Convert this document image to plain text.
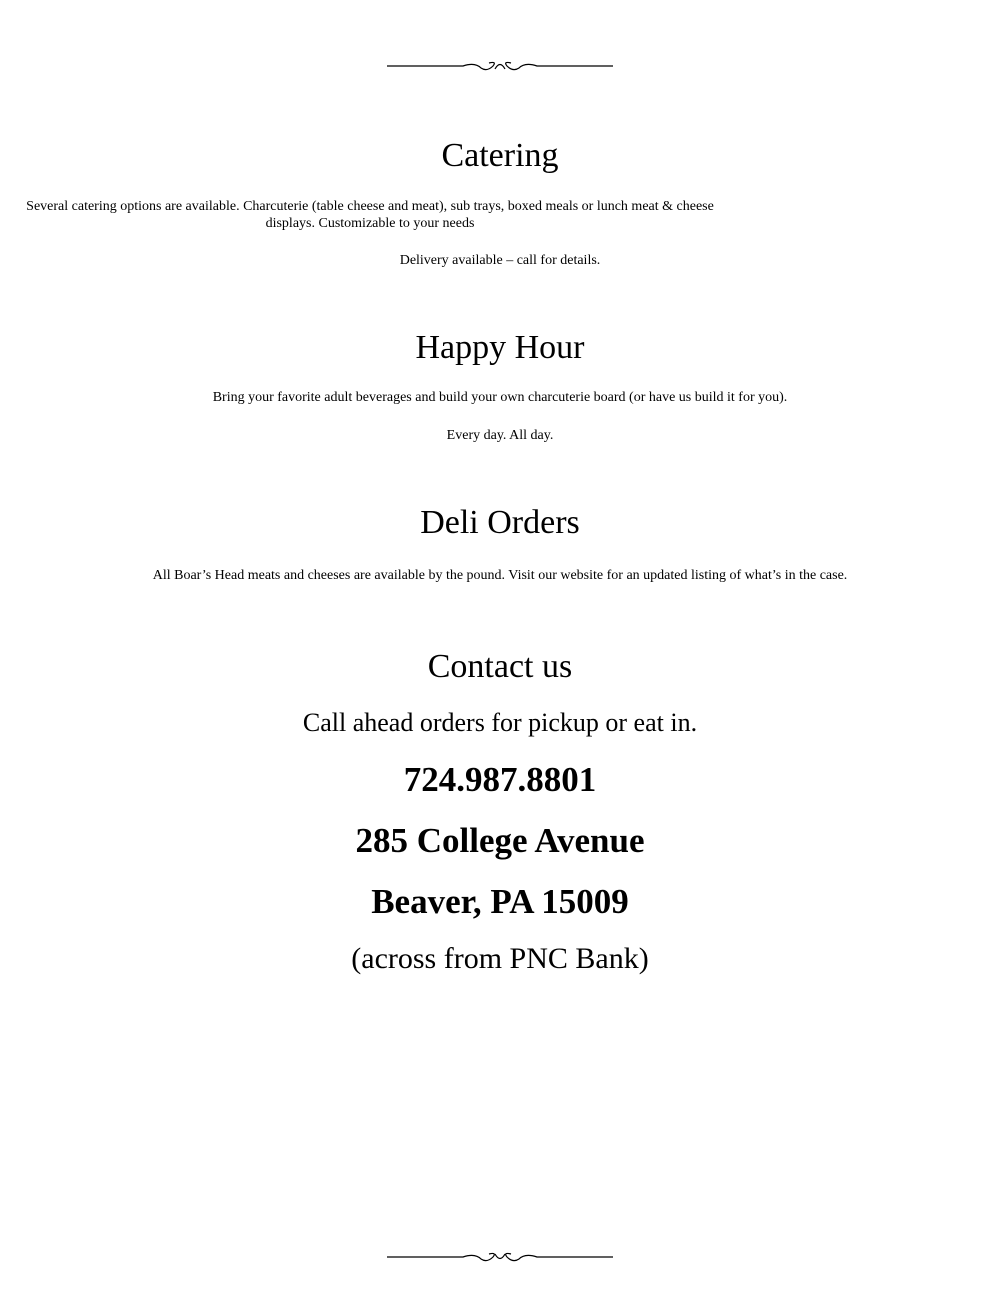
Catering

Several catering options are available. Charcuterie (table cheese and meat), sub trays, boxed meals or lunch meat & cheese displays. Customizable to your needs

Delivery available – call for details.

Happy Hour

Bring your favorite adult beverages and build your own charcuterie board (or have us build it for you).

Every day. All day.

Deli Orders

All Boar’s Head meats and cheeses are available by the pound. Visit our website for an updated listing of what’s in the case.

Contact us

Call ahead orders for pickup or eat in.

724.987.8801

285 College Avenue

Beaver, PA 15009

(across from PNC Bank)
